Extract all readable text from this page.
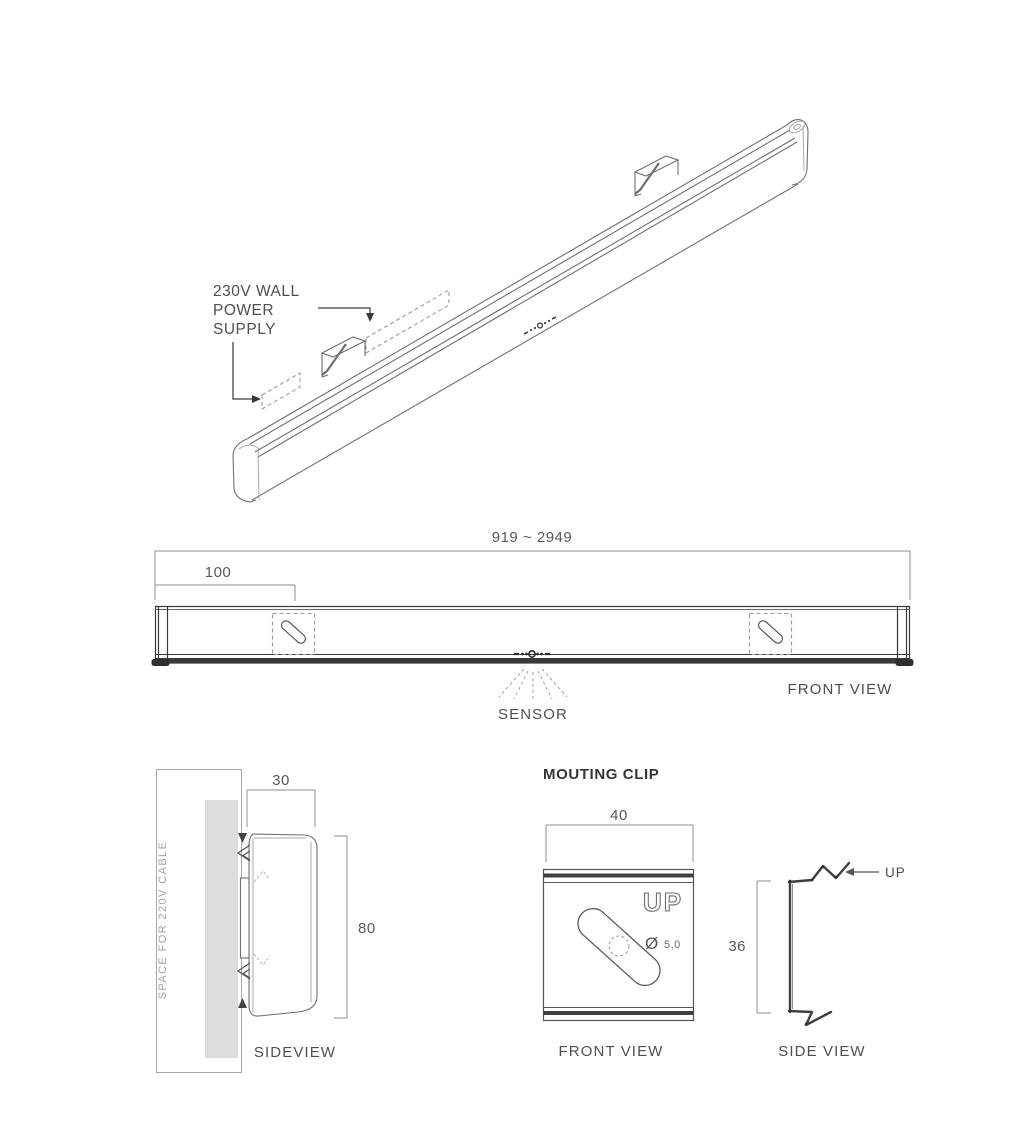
230V WALL
POWER
SUPPLY
919 ~ 2949
100
SENSOR
FRONT VIEW
SPACE FOR 220V CABLE
30
80
SIDEVIEW
MOUTING CLIP
40
UP
Ø 5,0
FRONT VIEW
36
UP
SIDE VIEW
